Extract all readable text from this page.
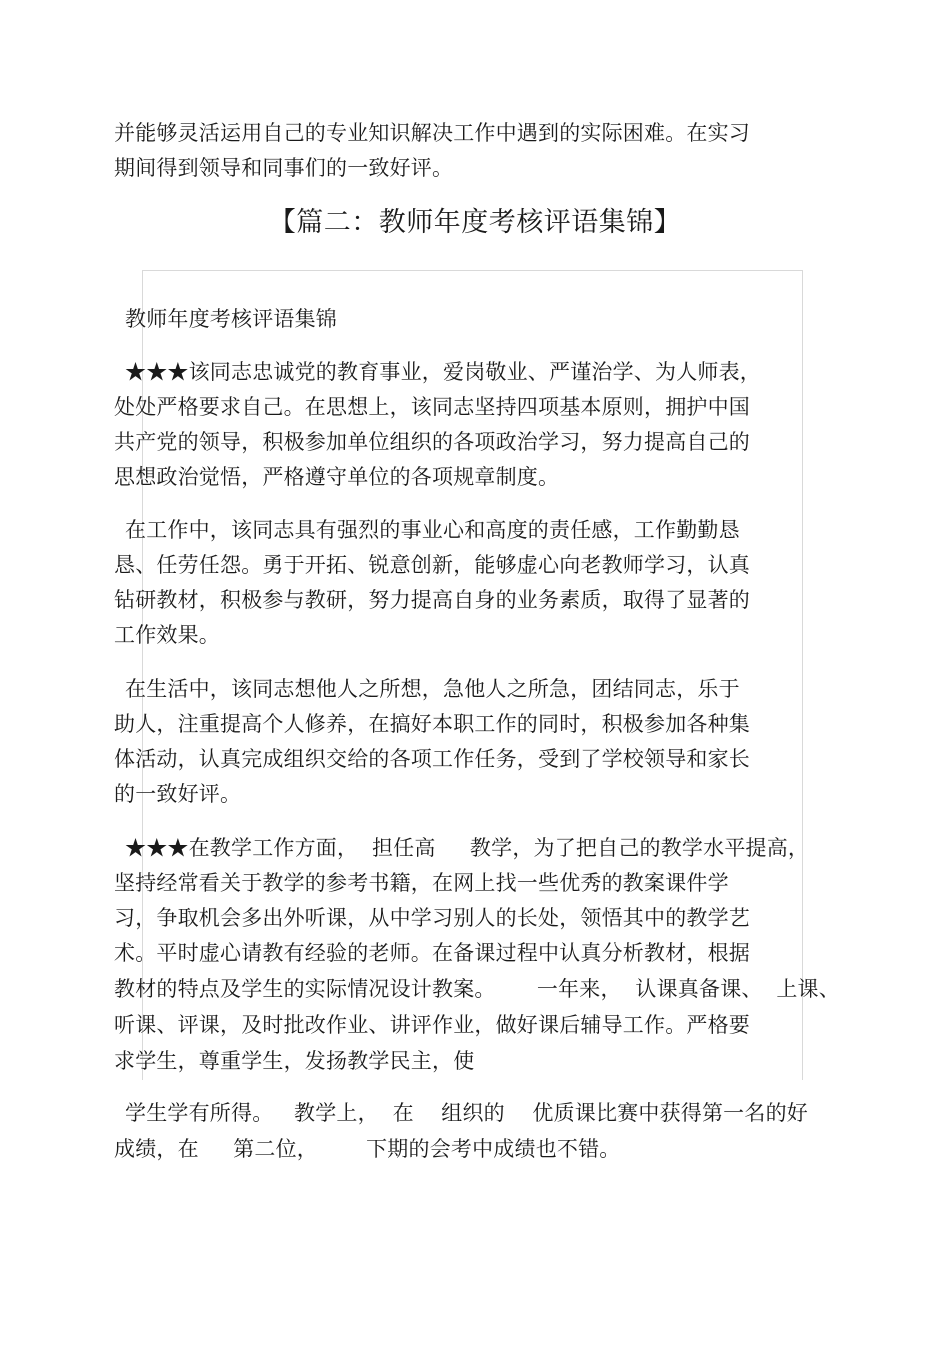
并能够灵活运用自己的专业知识解决工作中遇到的实际困难。在实习
期间得到领导和同事们的一致好评。
【篇二：教师年度考核评语集锦】
教师年度考核评语集锦
★★★该同志忠诚党的教育事业，爱岗敬业、严谨治学、为人师表，
处处严格要求自己。在思想上，该同志坚持四项基本原则，拥护中国
共产党的领导，积极参加单位组织的各项政治学习，努力提高自己的
思想政治觉悟，严格遵守单位的各项规章制度。
在工作中，该同志具有强烈的事业心和高度的责任感，工作勤勤恳
恳、任劳任怨。勇于开拓、锐意创新，能够虚心向老教师学习，认真
钻研教材，积极参与教研，努力提高自身的业务素质，取得了显著的
工作效果。
在生活中，该同志想他人之所想，急他人之所急，团结同志，乐于
助人，注重提高个人修养，在搞好本职工作的同时，积极参加各种集
体活动，认真完成组织交给的各项工作任务，受到了学校领导和家长
的一致好评。
★★★在教学工作方面，  担任高     教学，为了把自己的教学水平提高，
坚持经常看关于教学的参考书籍，在网上找一些优秀的教案课件学
习，争取机会多出外听课，从中学习别人的长处，领悟其中的教学艺
术。平时虚心请教有经验的老师。在备课过程中认真分析教材，根据
教材的特点及学生的实际情况设计教案。      一年来，  认课真备课、  上课、
听课、评课，及时批改作业、讲评作业，做好课后辅导工作。严格要
求学生，尊重学生，发扬教学民主，使
学生学有所得。   教学上，  在    组织的    优质课比赛中获得第一名的好
成绩，在     第二位，       下期的会考中成绩也不错。
